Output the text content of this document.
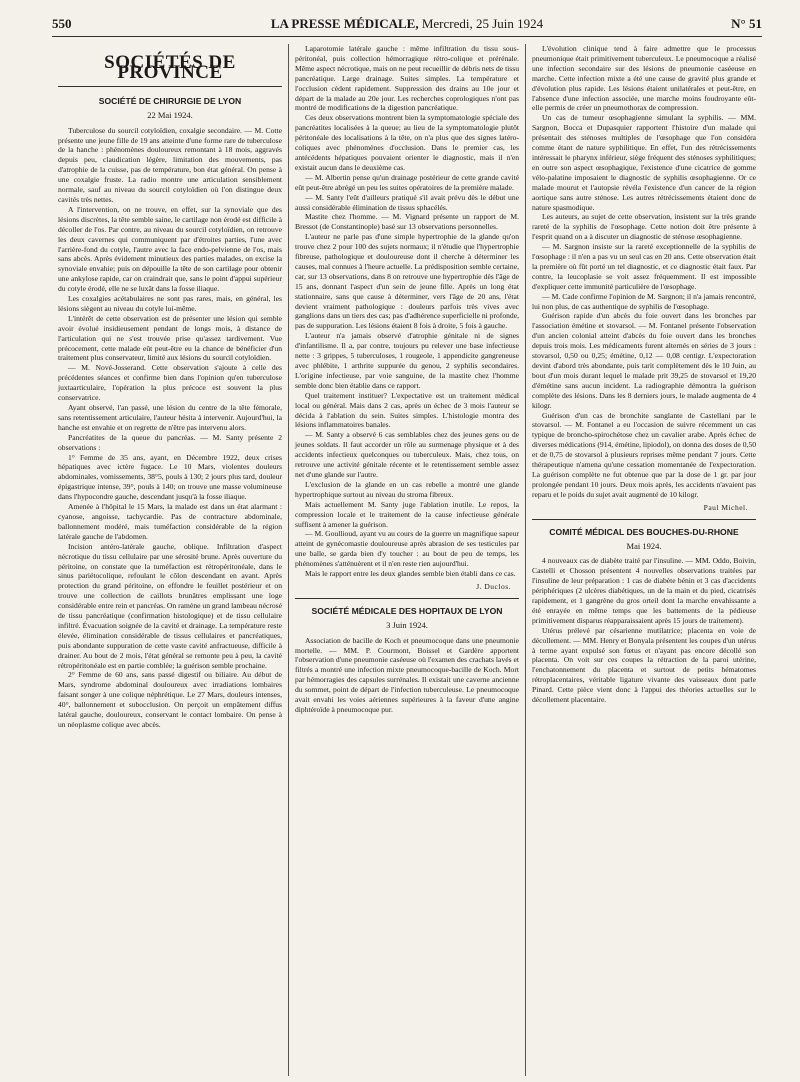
550	LA PRESSE MÉDICALE, Mercredi, 25 Juin 1924	N° 51
SOCIÉTÉS DE PROVINCE
SOCIÉTÉ DE CHIRURGIE DE LYON
22 Mai 1924.

Tuberculose du sourcil cotyloïdien, coxalgie secondaire. — M. Cotte présente une jeune fille de 19 ans atteinte d'une forme rare de tuberculose de la hanche : phénomènes douloureux remontant à 18 mois, aggravés depuis peu, claudication légère, limitation des mouvements, pas d'atrophie de la cuisse, pas de température, bon état général. On pense à une coxalgie fruste. La radio montre une articulation sensiblement normale, sauf au niveau du sourcil cotyloïdien où l'on distingue deux cavités très nettes.

A l'intervention, on ne trouve, en effet, sur la synoviale que des lésions discrètes, la tête semble saine, le cartilage non érodé est difficile à décoller de l'os. Par contre, au niveau du sourcil cotyloïdien, on retrouve les deux cavernes qui communiquent par d'étroites parties, l'une avec l'arrière-fond du cotyle, l'autre avec la face endo-pelvienne de l'os, mais sans abcès. Après évidement minutieux des parties malades, on excise la synoviale envahie; puis on dépouille la tête de son cartilage pour obtenir une ankylose rapide, car on craindrait que, sans le point d'appui supérieur du cotyle érodé, elle ne se luxât dans la fosse iliaque.

Les coxalgies acétabulaires ne sont pas rares, mais, en général, les lésions siègent au niveau du cotyle lui-même.

L'intérêt de cette observation est de présenter une lésion qui semble avoir évolué insidieusement pendant de longs mois, à distance de l'articulation qui ne s'est trouvée prise qu'assez tardivement. Vue précocement, cette malade eût peut-être eu la chance de bénéficier d'un traitement plus conservateur, limité aux lésions du sourcil cotyloïdien.

— M. Nové-Josserand. Cette observation s'ajoute à celle des précédentes séances et confirme bien dans l'opinion qu'en tuberculose juxtaarticulaire, l'opération la plus précoce est souvent la plus conservatrice.

Ayant observé, l'an passé, une lésion du centre de la tête fémorale, sans retentissement articulaire, l'auteur hésita à intervenir. Aujourd'hui, la hanche est envahie et on regrette de n'être pas intervenu alors.

Pancréatites de la queue du pancréas. — M. Santy présente 2 observations :

1° Femme de 35 ans, ayant, en Décembre 1922, deux crises hépatiques avec ictère fugace. Le 10 Mars, violentes douleurs abdominales, vomissements, 38°5, pouls à 130; 2 jours plus tard, douleur épigastrique intense, 39°, pouls à 140; on trouve une masse volumineuse dans l'hypocondre gauche, descendant jusqu'à la fosse iliaque.

Amenée à l'hôpital le 15 Mars, la malade est dans un état alarmant : cyanose, angoisse, tachycardie. Pas de contracture abdominale, ballonnement modéré, mais tuméfaction considérable de la région latérale gauche de l'abdomen.

Incision antéro-latérale gauche, oblique. Infiltration d'aspect nécrotique du tissu cellulaire par une sérosité brune. Après ouverture du péritoine, on constate que la tuméfaction est rétropéritonéale, dans le sinus pariétocolique, refoulant le côlon descendant en avant. Après protection du grand péritoine, on effondre le feuillet postérieur et on trouve une collection de caillots brunâtres emplissant une loge considérable entre rein et pancréas. On ramène un grand lambeau nécrosé de tissu pancréatique (confirmation histologique) et de tissu cellulaire infiltré. Évacuation soignée de la cavité et drainage. La température reste élevée, élimination considérable de tissus cellulaires et pancréatiques, puis abondante suppuration de cette vaste cavité anfractueuse, difficile à drainer. Au bout de 2 mois, l'état général se remonte peu à peu, la cavité rétropéritonéale est en partie comblée; la guérison semble prochaine.

2° Femme de 60 ans, sans passé digestif ou biliaire. Au début de Mars, syndrome abdominal douloureux avec irradiations lombaires faisant songer à une colique néphrétique. Le 27 Mars, douleurs intenses, 40°, ballonnement et subocclusion. On perçoit un empâtement diffus latéral gauche, douloureux, conservant le contact lombaire. On pense à un néoplasme colique avec abcès.

Laparotomie latérale gauche : même infiltration du tissu sous-péritonéal, puis collection hémorragique rétro-colique et prérénale. Même aspect nécrotique, mais on ne peut recueillir de débris nets de tissu pancréatique. Large drainage. Suites simples. La température et l'occlusion cèdent rapidement. Suppression des drains au 10e jour et départ de la malade au 20e jour. Les recherches coprologiques n'ont pas montré de modifications de la digestion pancréatique.

Ces deux observations montrent bien la symptomatologie spéciale des pancréatites localisées à la queue; au lieu de la symptomatologie plutôt péritonéale des localisations à la tête, on n'a plus que des signes latéro-coliques avec phénomènes d'occlusion. Dans le premier cas, les antécédents hépatiques pouvaient orienter le diagnostic, mais il n'en existait aucun dans le deuxième cas.

— M. Albertin pense qu'un drainage postérieur de cette grande cavité eût peut-être abrégé un peu les suites opératoires de la première malade.

— M. Santy l'eût d'ailleurs pratiqué s'il avait prévu dès le début une aussi considérable élimination de tissus sphacélés.

Mastite chez l'homme. — M. Vignard présente un rapport de M. Bressot (de Constantinople) basé sur 13 observations personnelles.

L'auteur ne parle pas d'une simple hypertrophie de la glande qu'on trouve chez 2 pour 100 des sujets normaux; il n'étudie que l'hypertrophie fibreuse, pathologique et douloureuse dont il cherche à déterminer les causes, mal connues à l'heure actuelle. La prédisposition semble certaine, car, sur 13 observations, dans 8 on retrouve une hypertrophie dès l'âge de 15 ans, donnant l'aspect d'un sein de jeune fille. Après un long état stationnaire, sans que cause à déterminer, vers l'âge de 20 ans, l'état devient vraiment pathologique : douleurs parfois très vives avec ganglions dans un tiers des cas; pas d'adhérence superficielle ni profonde, pas de suppuration. Les lésions étaient 8 fois à droite, 5 fois à gauche.

L'auteur n'a jamais observé d'atrophie génitale ni de signes d'infantilisme. Il a, par contre, toujours pu relever une base infectieuse nette : 3 grippes, 5 tuberculoses, 1 rougeole, 1 appendicite gangreneuse avec phlébite, 1 arthrite suppurée du genou, 2 syphilis secondaires. L'origine infectieuse, par voie sanguine, de la mastite chez l'homme semble donc bien établie dans ce rapport.

Quel traitement instituer? L'expectative est un traitement médical local ou général. Mais dans 2 cas, après un échec de 3 mois l'auteur se décida à l'ablation du sein. Suites simples. L'histologie montra des lésions inflammatoires banales.

— M. Santy a observé 6 cas semblables chez des jeunes gens ou de jeunes soldats. Il faut accorder un rôle au surmenage physique et à des accidents infectieux quelconques ou tuberculeux. Mais, chez tous, on retrouve une activité génitale récente et le retentissement semble assez net d'une glande sur l'autre.

L'exclusion de la glande en un cas rebelle a montré une glande hypertrophique surtout au niveau du stroma fibreux.

Mais actuellement M. Santy juge l'ablation inutile. Le repos, la compression locale et le traitement de la cause infectieuse générale suffisent à amener la guérison.

— M. Goullioud, ayant vu au cours de la guerre un magnifique sapeur atteint de gynécomastie douloureuse après abrasion de ses testicules par une balle, se garda bien d'y toucher : au bout de peu de temps, les phénomènes s'atténuèrent et il n'en reste rien aujourd'hui.

Mais le rapport entre les deux glandes semble bien établi dans ce cas.

J. Duclos.
SOCIÉTÉ MÉDICALE DES HOPITAUX DE LYON
3 Juin 1924.

Association de bacille de Koch et pneumocoque dans une pneumonie mortelle. — MM. P. Courmont, Boissel et Gardère apportent l'observation d'une pneumonie caséeuse où l'examen des crachats lavés et filtrés a montré une infection mixte pneumocoque-bacille de Koch. Mort par hémorragies des capsules surrénales. Il existait une caverne ancienne du sommet, point de départ de l'infection tuberculeuse. Le pneumocoque avait envahi les voies aériennes supérieures à la faveur d'une angine diphtéroïde à pneumocoque pur.

L'évolution clinique tend à faire admettre que le processus pneumonique était primitivement tuberculeux. Le pneumocoque a réalisé une infection secondaire sur des lésions de pneumonie caséeuse en marche. Cette infection mixte a été une cause de gravité plus grande et d'évolution plus rapide. Les lésions étaient unilatérales et peut-être, en l'absence d'une infection associée, une marche moins foudroyante eût-elle permis de créer un pneumothorax de compression.

Un cas de tumeur œsophagienne simulant la syphilis. — MM. Sargnon, Bocca et Dupasquier rapportent l'histoire d'un malade qui présentait des sténoses multiples de l'œsophage que l'on considéra comme étant de nature syphilitique. En effet, l'un des rétrécissements intéressait le pharynx inférieur, siège fréquent des sténoses syphilitiques; en outre son aspect œsophagique, l'existence d'une cicatrice de gomme vélo-palatine imposaient le diagnostic de syphilis œsophagienne. Or ce malade mourut et l'autopsie révéla l'existence d'un cancer de la région aortique sans autre sténose. Les autres rétrécissements étaient donc de nature spasmodique.

Les auteurs, au sujet de cette observation, insistent sur la très grande rareté de la syphilis de l'œsophage. Cette notion doit être présente à l'esprit quand on a à discuter un diagnostic de sténose œsophagienne.

— M. Sargnon insiste sur la rareté exceptionnelle de la syphilis de l'œsophage : il n'en a pas vu un seul cas en 20 ans. Cette observation était la première où fût porté un tel diagnostic, et ce diagnostic était faux. Par contre, la leucoplasie se voit assez fréquemment. Il est impossible d'expliquer cette immunité particulière de l'œsophage.

— M. Cade confirme l'opinion de M. Sargnon; il n'a jamais rencontré, lui non plus, de cas authentique de syphilis de l'œsophage.

Guérison rapide d'un abcès du foie ouvert dans les bronches par l'association émétine et stovarsol. — M. Fontanel présente l'observation d'un ancien colonial atteint d'abcès du foie ouvert dans les bronches depuis trois mois. Les médicaments furent alternés en séries de 3 jours : stovarsol, 0,50 ou 0,25; émétine, 0,12 — 0,08 centigr. L'expectoration devint d'abord très abondante, puis tarit complètement dès le 10 Juin, au bout d'un mois durant lequel le malade prit 39,25 de stovarsol et 19,20 d'émétine sans aucun incident. La radiographie démontra la guérison complète des lésions. Dans les 8 derniers jours, le malade augmenta de 4 kilogr.

Guérison d'un cas de bronchite sanglante de Castellani par le stovarsol. — M. Fontanel a eu l'occasion de suivre récemment un cas typique de broncho-spirochétose chez un cavalier arabe. Après échec de diverses médications (914, émétine, lipiodol), on donna des doses de 0,50 et de 0,75 de stovarsol à plusieurs reprises même pendant 7 jours. Cette thérapeutique n'amena qu'une cessation momentanée de l'expectoration. La guérison complète ne fut obtenue que par la dose de 1 gr. par jour prolongée pendant 10 jours. Deux mois après, les accidents n'avaient pas reparu et le poids du sujet avait augmenté de 10 kilogr.

Paul Michel.
COMITÉ MÉDICAL DES BOUCHES-DU-RHONE
Mai 1924.

4 nouveaux cas de diabète traité par l'insuline. — MM. Oddo, Boivin, Castelli et Chosson présentent 4 nouvelles observations traitées par l'insuline de leur préparation : 1 cas de diabète bénin et 3 cas d'accidents périphériques (2 ulcères diabétiques, un de la main et du pied, cicatrisés rapidement, et 1 gangrène du gros orteil dont la marche envahissante a été enrayée en même temps que les battements de la pédieuse primitivement disparus réapparaissaient après 15 jours de traitement).

Utérus prélevé par césarienne mutilatrice; placenta en voie de décollement. — MM. Henry et Bonyala présentent les coupes d'un utérus à terme ayant expulsé son fœtus et n'ayant pas encore décollé son placenta. On voit sur ces coupes la rétraction de la paroi utérine, l'enchatonnement du placenta et surtout de petits hématomes rétroplacentaires, véritable ligature vivante des vaisseaux dont parle Pinard. Cette pièce vient donc à l'appui des théories actuelles sur le décollement placentaire.
